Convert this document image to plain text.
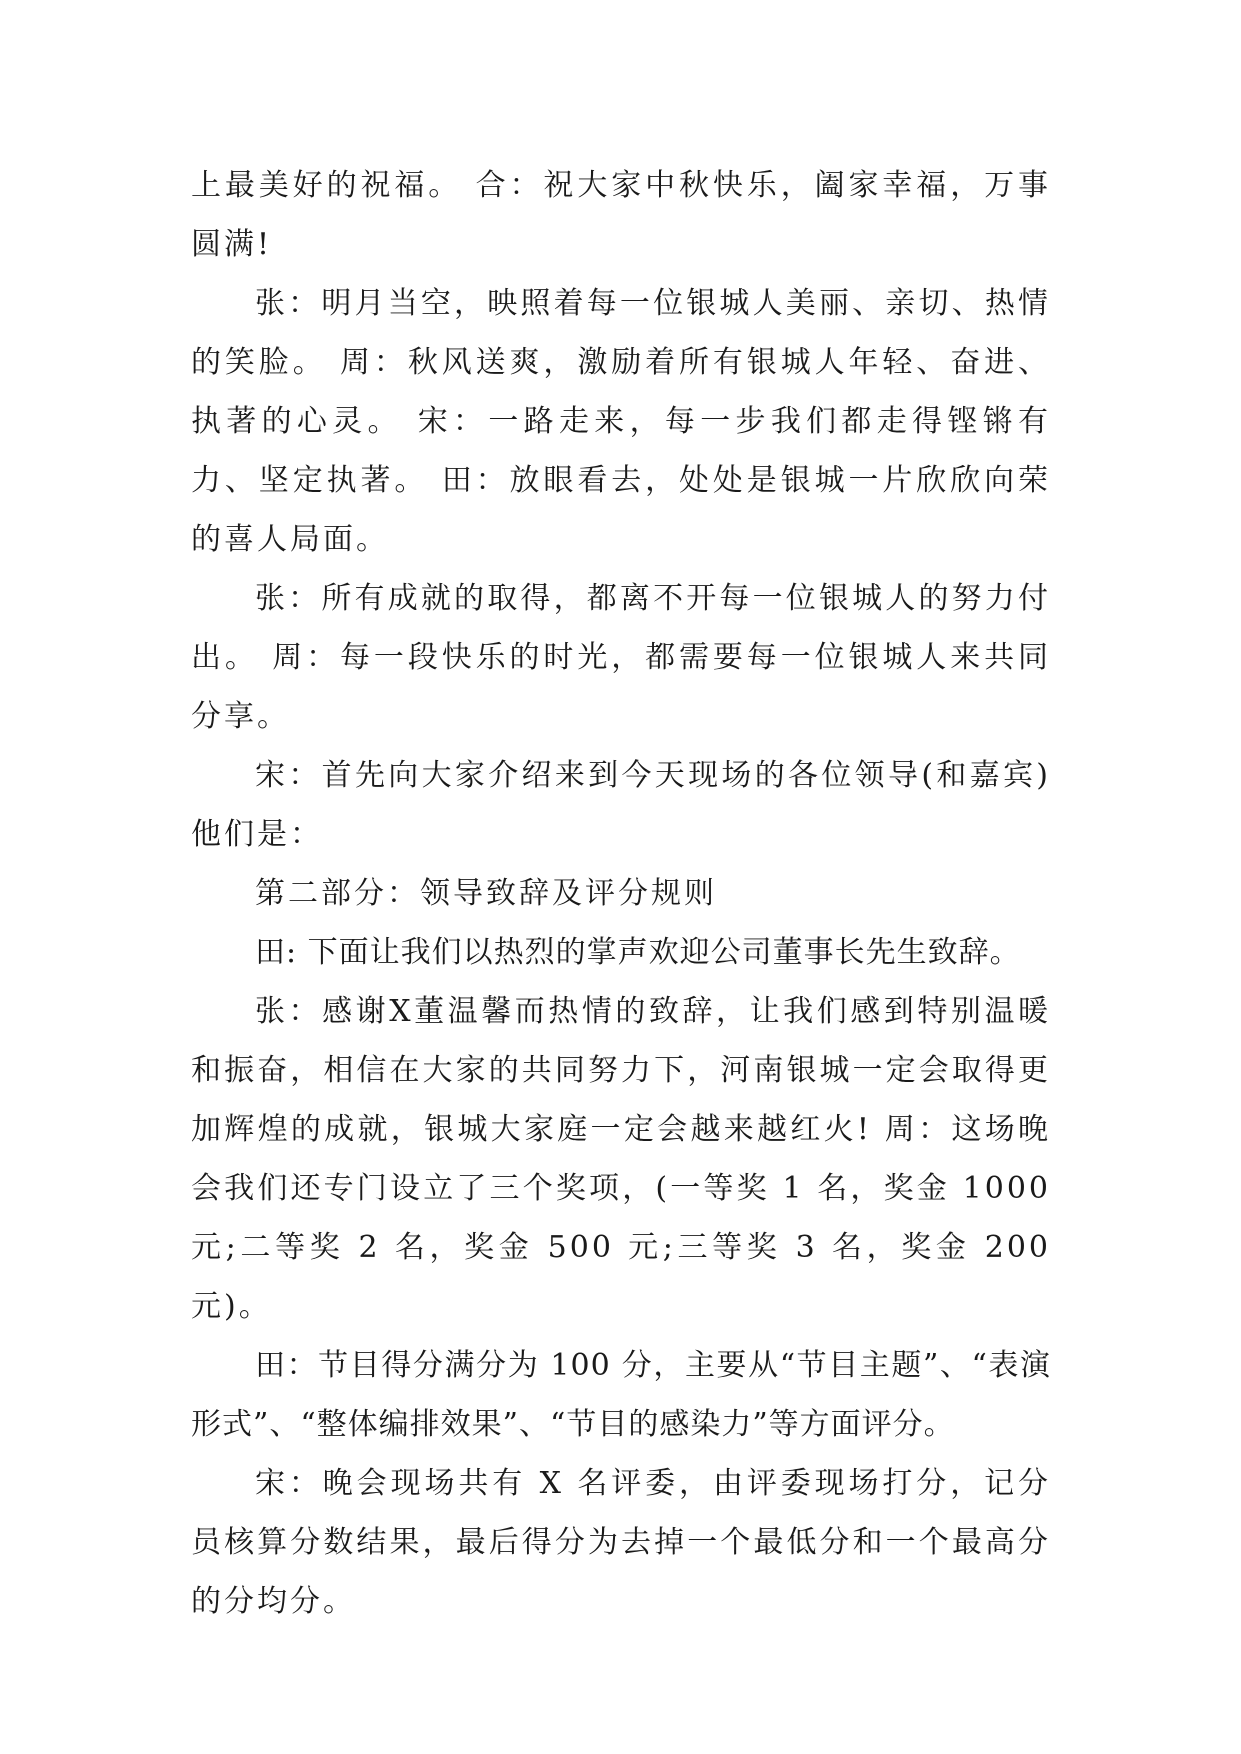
上最美好的祝福。 合：祝大家中秋快乐，阖家幸福，万事圆满!

张：明月当空，映照着每一位银城人美丽、亲切、热情的笑脸。 周：秋风送爽，激励着所有银城人年轻、奋进、执著的心灵。 宋：一路走来，每一步我们都走得铿锵有力、坚定执著。 田：放眼看去，处处是银城一片欣欣向荣的喜人局面。

张：所有成就的取得，都离不开每一位银城人的努力付出。 周：每一段快乐的时光，都需要每一位银城人来共同分享。

宋：首先向大家介绍来到今天现场的各位领导(和嘉宾)他们是：

第二部分：领导致辞及评分规则

田: 下面让我们以热烈的掌声欢迎公司董事长先生致辞。

张：感谢X董温馨而热情的致辞，让我们感到特别温暖和振奋，相信在大家的共同努力下，河南银城一定会取得更加辉煌的成就，银城大家庭一定会越来越红火! 周：这场晚会我们还专门设立了三个奖项，(一等奖 1 名，奖金 1000 元;二等奖 2 名，奖金 500 元;三等奖 3 名，奖金 200 元)。

田：节目得分满分为 100 分，主要从“节目主题”、“表演形式”、“整体编排效果”、“节目的感染力”等方面评分。

宋：晚会现场共有 X 名评委，由评委现场打分，记分员核算分数结果，最后得分为去掉一个最低分和一个最高分的分均分。
